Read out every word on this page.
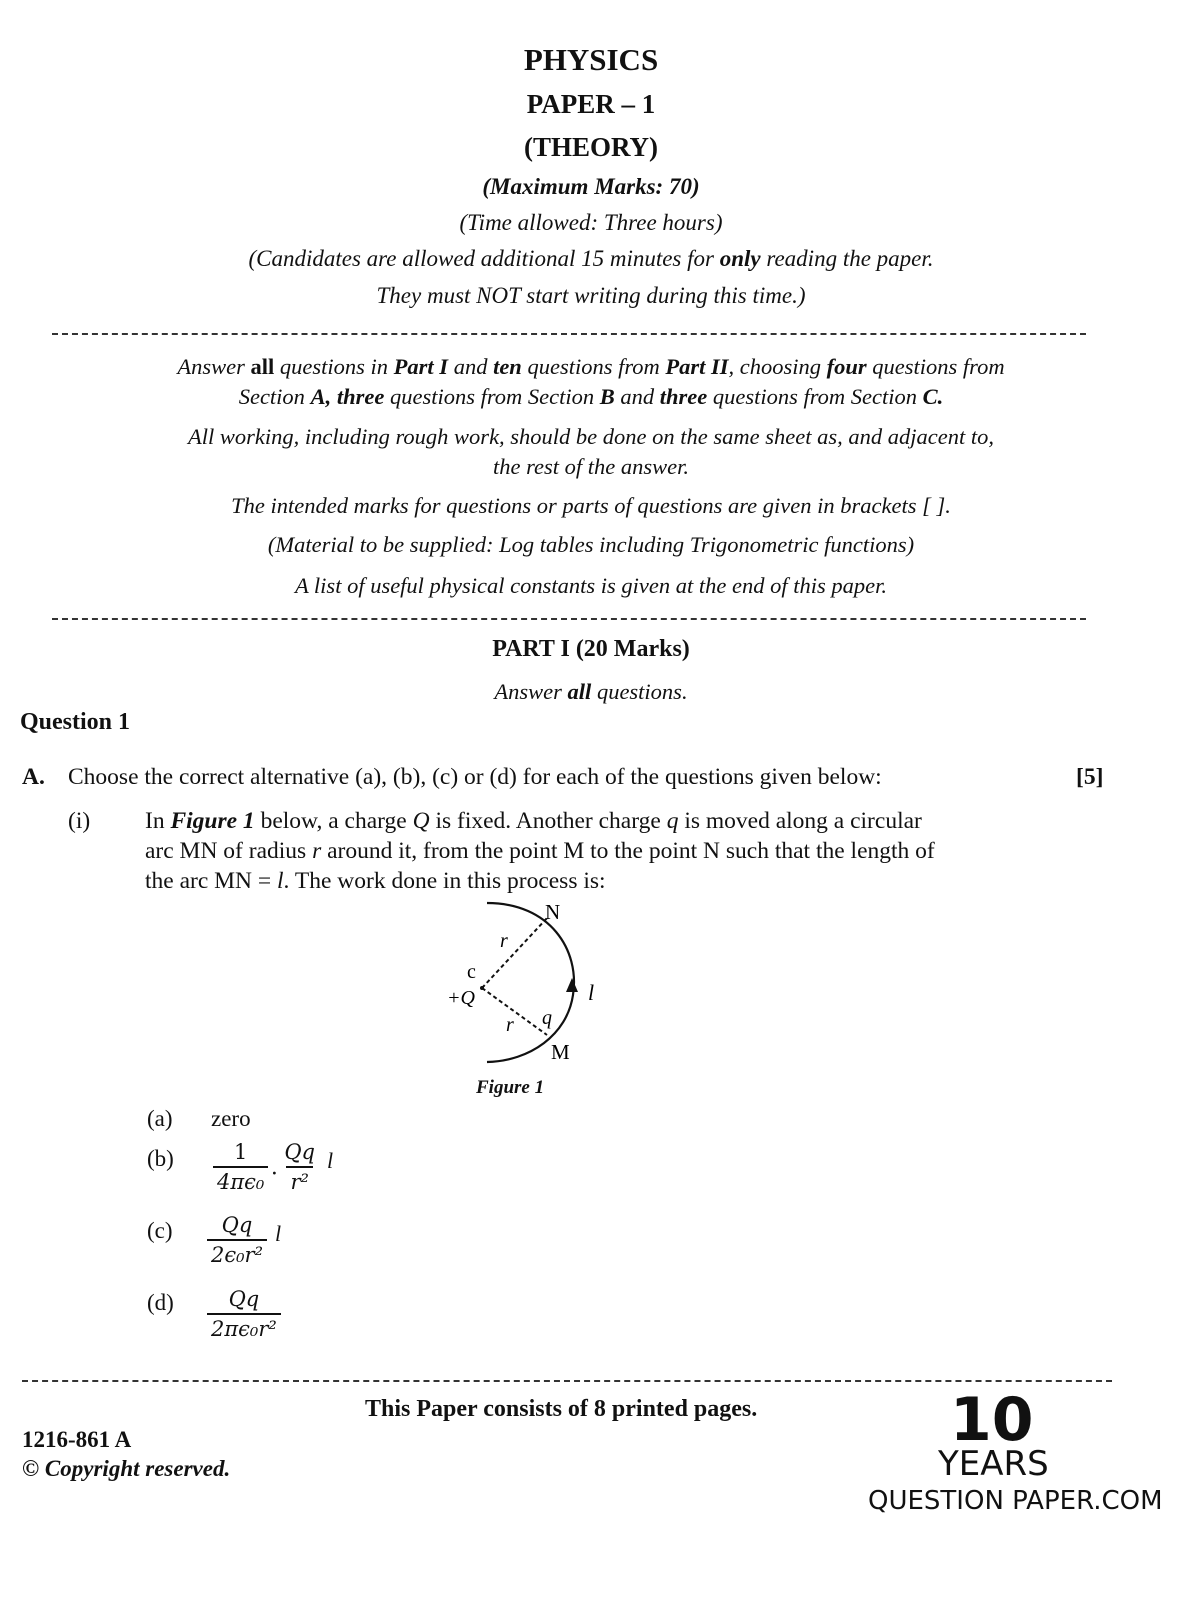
PHYSICS
PAPER – 1
(THEORY)
(Maximum Marks: 70)
(Time allowed: Three hours)
(Candidates are allowed additional 15 minutes for only reading the paper.
They must NOT start writing during this time.)
Answer all questions in Part I and ten questions from Part II, choosing four questions from
Section A, three questions from Section B and three questions from Section C.
All working, including rough work, should be done on the same sheet as, and adjacent to,
the rest of the answer.
The intended marks for questions or parts of questions are given in brackets [ ].
(Material to be supplied: Log tables including Trigonometric functions)
A list of useful physical constants is given at the end of this paper.
PART I (20 Marks)
Answer all questions.
Question 1
A. Choose the correct alternative (a), (b), (c) or (d) for each of the questions given below:	[5]
(i) In Figure 1 below, a charge Q is fixed. Another charge q is moved along a circular
arc MN of radius r around it, from the point M to the point N such that the length of
the arc MN = l. The work done in this process is:
N
M
r
r
c
+Q
q
l
Figure 1
(a) zero
$(b) \frac{1}{\text{4πϵ₀}} \cdot \frac{Qq}{\text{r²}}$ l
$(c) \frac{Qq}{\text{2ϵ₀r²}}$ l
$(d) \frac{Qq}{\text{2πϵ₀r²}}$
This Paper consists of 8 printed pages.
1216-861 A
© Copyright reserved.
10
YEARS
QUESTION PAPER.COM
